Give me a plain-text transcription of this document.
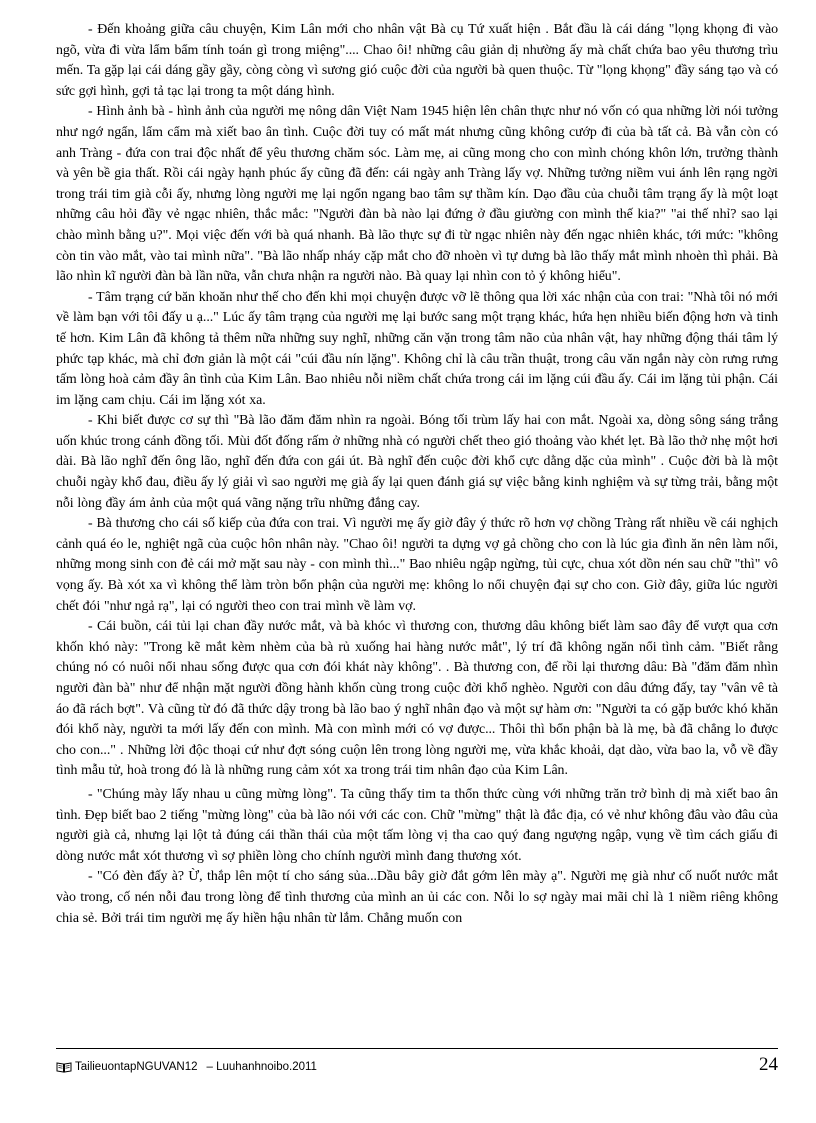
- Đến khoảng giữa câu chuyện, Kim Lân mới cho nhân vật Bà cụ Tứ xuất hiện . Bắt đầu là cái dáng "lọng khọng đi vào ngõ, vừa đi vừa lẩm bẩm tính toán gì trong miệng".... Chao ôi! những câu giản dị nhường ấy mà chất chứa bao yêu thương trìu mến. Ta gặp lại cái dáng gầy gầy, còng còng vì sương gió cuộc đời của người bà quen thuộc. Từ "lọng khọng" đầy sáng tạo và có sức gợi hình, gợi tả tạc lại trong ta một dáng hình.

- Hình ảnh bà - hình ảnh của người mẹ nông dân Việt Nam 1945 hiện lên chân thực như nó vốn có qua những lời nói tưởng như ngớ ngẩn, lẩm cẩm mà xiết bao ân tình. Cuộc đời tuy có mất mát nhưng cũng không cướp đi của bà tất cả. Bà vẫn còn có anh Tràng - đứa con trai độc nhất để yêu thương chăm sóc. Làm mẹ, ai cũng mong cho con mình chóng khôn lớn, trưởng thành và yên bề gia thất. Rồi cái ngày hạnh phúc ấy cũng đã đến: cái ngày anh Tràng lấy vợ. Những tưởng niềm vui ánh lên rạng ngời trong trái tim già cỗi ấy, nhưng lòng người mẹ lại ngổn ngang bao tâm sự thầm kín. Dạo đầu của chuỗi tâm trạng ấy là một loạt những câu hỏi đầy vẻ ngạc nhiên, thắc mắc: "Người đàn bà nào lại đứng ở đầu giường con mình thế kia?" "ai thế nhỉ? sao lại chào mình bằng u?". Mọi việc đến với bà quá nhanh. Bà lão thực sự đi từ ngạc nhiên này đến ngạc nhiên khác, tới mức: "không còn tin vào mắt, vào tai mình nữa". "Bà lão nhấp nháy cặp mắt cho đỡ nhoèn vì tự dưng bà lão thấy mắt mình nhoèn thì phải. Bà lão nhìn kĩ người đàn bà lần nữa, vẫn chưa nhận ra người nào. Bà quay lại nhìn con tỏ ý không hiểu".

- Tâm trạng cứ băn khoăn như thế cho đến khi mọi chuyện được vỡ lẽ thông qua lời xác nhận của con trai: "Nhà tôi nó mới về làm bạn với tôi đấy u ạ..." Lúc ấy tâm trạng của người mẹ lại bước sang một trạng khác, hứa hẹn nhiều biến động hơn và tinh tế hơn. Kim Lân đã không tả thêm nữa những suy nghĩ, những căn vặn trong tâm não của nhân vật, hay những động thái tâm lý phức tạp khác, mà chỉ đơn giản là một cái "cúi đầu nín lặng". Không chỉ là câu trần thuật, trong câu văn ngắn này còn rưng rưng tấm lòng hoà cảm đầy ân tình của Kim Lân. Bao nhiêu nỗi niềm chất chứa trong cái im lặng cúi đầu ấy. Cái im lặng tủi phận. Cái im lặng cam chịu. Cái im lặng xót xa.

- Khi biết được cơ sự thì "Bà lão đăm đăm nhìn ra ngoài. Bóng tối trùm lấy hai con mắt. Ngoài xa, dòng sông sáng trắng uốn khúc trong cánh đồng tối. Mùi đốt đống rấm ở những nhà có người chết theo gió thoảng vào khét lẹt. Bà lão thở nhẹ một hơi dài. Bà lão nghĩ đến ông lão, nghĩ đến đứa con gái út. Bà nghĩ đến cuộc đời khổ cực dằng dặc của mình" . Cuộc đời bà là một chuỗi ngày khổ đau, điều ấy lý giải vì sao người mẹ già ấy lại quen đánh giá sự việc bằng kinh nghiệm và sự từng trải, bằng một nỗi lòng đầy ám ảnh của một quá vãng nặng trĩu những đắng cay.

- Bà thương cho cái số kiếp của đứa con trai. Vì người mẹ ấy giờ đây ý thức rõ hơn vợ chồng Tràng rất nhiều về cái nghịch cảnh quá éo le, nghiệt ngã của cuộc hôn nhân này. "Chao ôi! người ta dựng vợ gả chồng cho con là lúc gia đình ăn nên làm nổi, những mong sinh con đẻ cái mở mặt sau này - con mình thì..." Bao nhiêu ngập ngừng, tủi cực, chua xót dồn nén sau chữ "thì" vô vọng ấy. Bà xót xa vì không thể làm tròn bổn phận của người mẹ: không lo nổi chuyện đại sự cho con. Giờ đây, giữa lúc người chết đói "như ngả rạ", lại có người theo con trai mình về làm vợ.

- Cái buồn, cái tủi lại chan đầy nước mắt, và bà khóc vì thương con, thương dâu không biết làm sao đây để vượt qua cơn khốn khó này: "Trong kẽ mắt kèm nhèm của bà rủ xuống hai hàng nước mắt", lý trí đã không ngăn nổi tình cảm. "Biết rằng chúng nó có nuôi nổi nhau sống được qua cơn đói khát này không". . Bà thương con, để rồi lại thương dâu: Bà "đăm đăm nhìn người đàn bà" như để nhận mặt người đồng hành khốn cùng trong cuộc đời khổ nghèo. Người con dâu đứng đấy, tay "vân vê tà áo đã rách bợt". Và cũng từ đó đã thức dậy trong bà lão bao ý nghĩ nhân đạo và một sự hàm ơn: "Người ta có gặp bước khó khăn đói khổ này, người ta mới lấy đến con mình. Mà con mình mới có vợ được... Thôi thì bổn phận bà là mẹ, bà đã chẳng lo được cho con..." . Những lời độc thoại cứ như đợt sóng cuộn lên trong lòng người mẹ, vừa khắc khoải, dạt dào, vừa bao la, vỗ về đầy tình mẫu tử, hoà trong đó là là những rung cảm xót xa trong trái tim nhân đạo của Kim Lân.

- "Chúng mày lấy nhau u cũng mừng lòng". Ta cũng thấy tim ta thổn thức cùng với những trăn trở bình dị mà xiết bao ân tình. Đẹp biết bao 2 tiếng "mừng lòng" của bà lão nói với các con. Chữ "mừng" thật là đắc địa, có vẻ như không đâu vào đâu của người già cả, nhưng lại lột tả đúng cái thần thái của một tấm lòng vị tha cao quý đang ngượng ngập, vụng về tìm cách giấu đi dòng nước mắt xót thương vì sợ phiền lòng cho chính người mình đang thương xót.

- "Có đèn đấy à? Ừ, thắp lên một tí cho sáng sủa...Dầu bây giờ đắt gớm lên mày ạ". Người mẹ già như cố nuốt nước mắt vào trong, cố nén nỗi đau trong lòng để tình thương của mình an ủi các con. Nỗi lo sợ ngày mai mãi chỉ là 1 niềm riêng không chia sẻ. Bởi trái tim người mẹ ấy hiền hậu nhân từ lắm. Chẳng muốn con

TailieuontapNGUVAN12 – Luuhanhnoibo.2011	24
